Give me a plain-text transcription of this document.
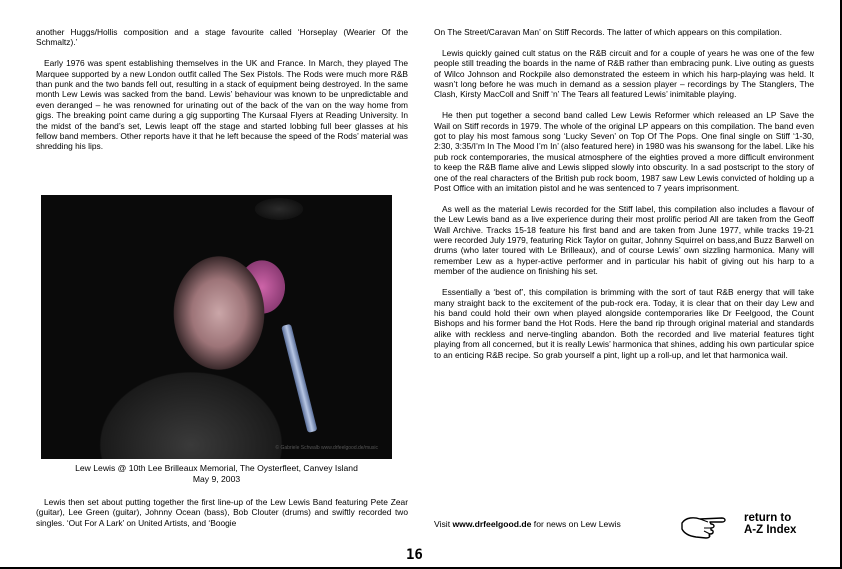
another Huggs/Hollis composition and a stage favourite called ‘Horseplay (Wearier Of the Schmaltz).’

Early 1976 was spent establishing themselves in the UK and France. In March, they played The Marquee supported by a new London outfit called The Sex Pistols. The Rods were much more R&B than punk and the two bands fell out, resulting in a stack of equipment being destroyed. In the same month Lew Lewis was sacked from the band. Lewis’ behaviour was known to be unpredictable and even deranged – he was renowned for urinating out of the back of the van on the way home from gigs. The breaking point came during a gig supporting The Kursaal Flyers at Reading University. In the midst of the band’s set, Lewis leapt off the stage and started lobbing full beer glasses at his fellow band members. Other reports have it that he left because the speed of the Rods’ material was shredding his lips.

© Gabriele Schwalb www.drfeelgood.de/music
Lew Lewis @ 10th Lee Brilleaux Memorial, The Oysterfleet, Canvey Island
May 9, 2003

Lewis then set about putting together the first line-up of the Lew Lewis Band featuring Pete Zear (guitar), Lee Green (guitar), Johnny Ocean (bass), Bob Clouter (drums) and swiftly recorded two singles. ‘Out For A Lark’ on United Artists, and ‘Boogie

On The Street/Caravan Man’ on Stiff Records. The latter of which appears on this compilation.

Lewis quickly gained cult status on the R&B circuit and for a couple of years he was one of the few people still treading the boards in the name of R&B rather than embracing punk. Live outing as guests of Wilco Johnson and Rockpile also demonstrated the esteem in which his harp-playing was held. It wasn’t long before he was much in demand as a session player – recordings by The Stanglers, The Clash, Kirsty MacColl and Sniff ‘n’ The Tears all featured Lewis’ inimitable playing.

He then put together a second band called Lew Lewis Reformer which released an LP Save the Wail on Stiff records in 1979. The whole of the original LP appears on this compilation. The band even got to play his most famous song ‘Lucky Seven’ on Top Of The Pops. One final single on Stiff ‘1-30, 2:30, 3:35/I’m In The Mood I’m In’ (also featured here) in 1980 was his swansong for the label. Like his pub rock contemporaries, the musical atmosphere of the eighties proved a more difficult environment to keep the R&B flame alive and Lewis slipped slowly into obscurity. In a sad postscript to the story of one of the real characters of the British pub rock boom, 1987 saw Lew Lewis convicted of holding up a Post Office with an imitation pistol and he was sentenced to 7 years imprisonment.

As well as the material Lewis recorded for the Stiff label, this compilation also includes a flavour of the Lew Lewis band as a live experience during their most prolific period All are taken from the Geoff Wall Archive. Tracks 15-18 feature his first band and are taken from June 1977, while tracks 19-21 were recorded July 1979, featuring Rick Taylor on guitar, Johnny Squirrel on bass,and Buzz Barwell on drums (who later toured with Le Brilleaux), and of course Lewis’ own sizzling harmonica. Many will remember Lew as a hyper-active performer and in particular his habit of giving out his harp to a member of the audience on finishing his set.

Essentially a ‘best of’, this compilation is brimming with the sort of taut R&B energy that will take many straight back to the excitement of the pub-rock era. Today, it is clear that on their day Lew and his band could hold their own when played alongside contemporaries like Dr Feelgood, the Count Bishops and his former band the Hot Rods. Here the band rip through original material and standards alike with reckless and nerve-tingling abandon. Both the recorded and live material features tight playing from all concerned, but it is really Lewis’ harmonica that shines, adding his own particular spice to an enticing R&B recipe. So grab yourself a pint, light up a roll-up, and let that harmonica wail.

Visit www.drfeelgood.de for news on Lew Lewis
return to
A-Z Index
16
